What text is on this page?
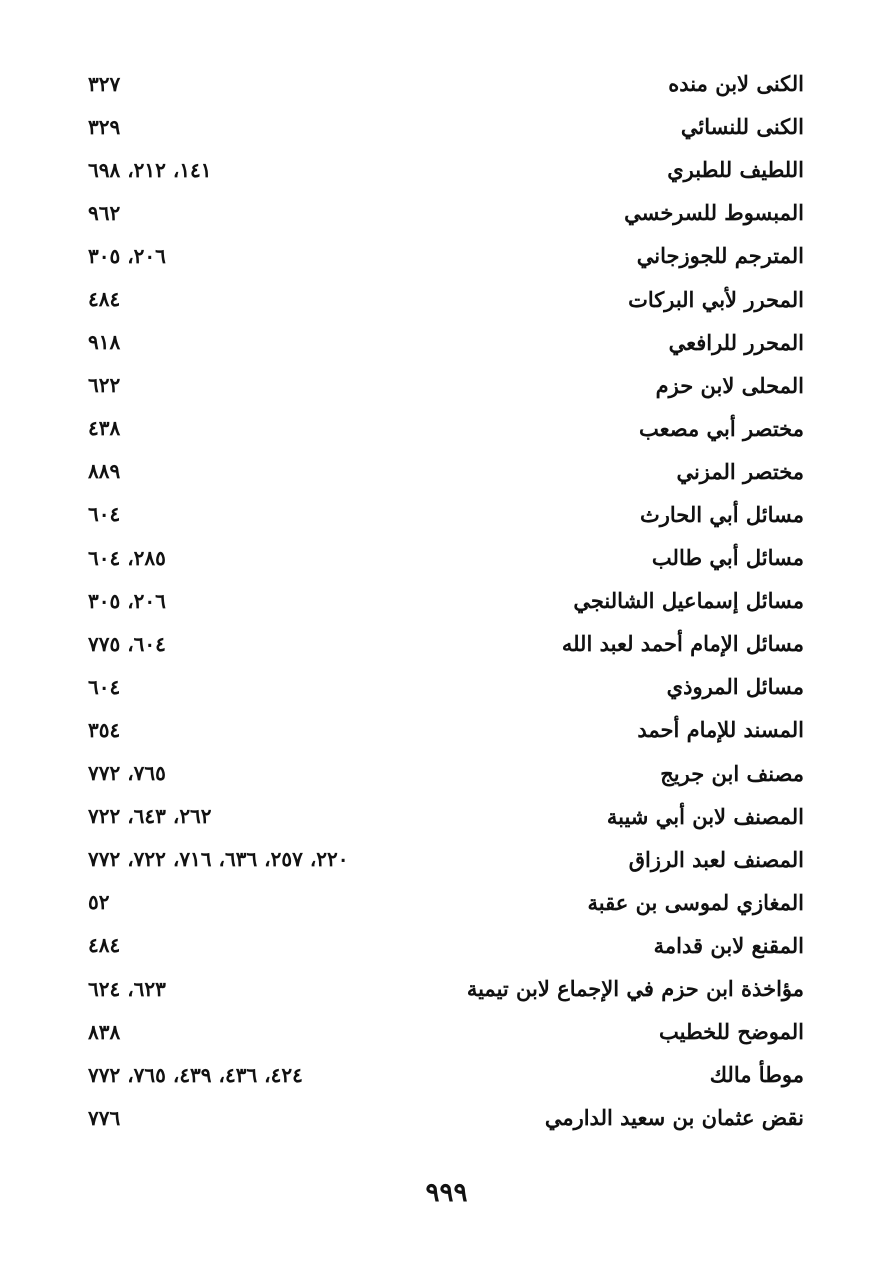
الكنى لابن منده
٣٢٧
الكنى للنسائي
٣٢٩
اللطيف للطبري
١٤١، ٢١٢، ٦٩٨
المبسوط للسرخسي
٩٦٢
المترجم للجوزجاني
٢٠٦، ٣٠٥
المحرر لأبي البركات
٤٨٤
المحرر للرافعي
٩١٨
المحلى لابن حزم
٦٢٢
مختصر أبي مصعب
٤٣٨
مختصر المزني
٨٨٩
مسائل أبي الحارث
٦٠٤
مسائل أبي طالب
٢٨٥، ٦٠٤
مسائل إسماعيل الشالنجي
٢٠٦، ٣٠٥
مسائل الإمام أحمد لعبد الله
٦٠٤، ٧٧٥
مسائل المروذي
٦٠٤
المسند للإمام أحمد
٣٥٤
مصنف ابن جريج
٧٦٥، ٧٧٢
المصنف لابن أبي شيبة
٢٦٢، ٦٤٣، ٧٢٢
المصنف لعبد الرزاق
٢٢٠، ٢٥٧، ٦٣٦، ٧١٦، ٧٢٢، ٧٧٢
المغازي لموسى بن عقبة
٥٢
المقنع لابن قدامة
٤٨٤
مؤاخذة ابن حزم في الإجماع لابن تيمية
٦٢٣، ٦٢٤
الموضح للخطيب
٨٣٨
موطأ مالك
٤٢٤، ٤٣٦، ٤٣٩، ٧٦٥، ٧٧٢
نقض عثمان بن سعيد الدارمي
٧٧٦
٩٩٩
